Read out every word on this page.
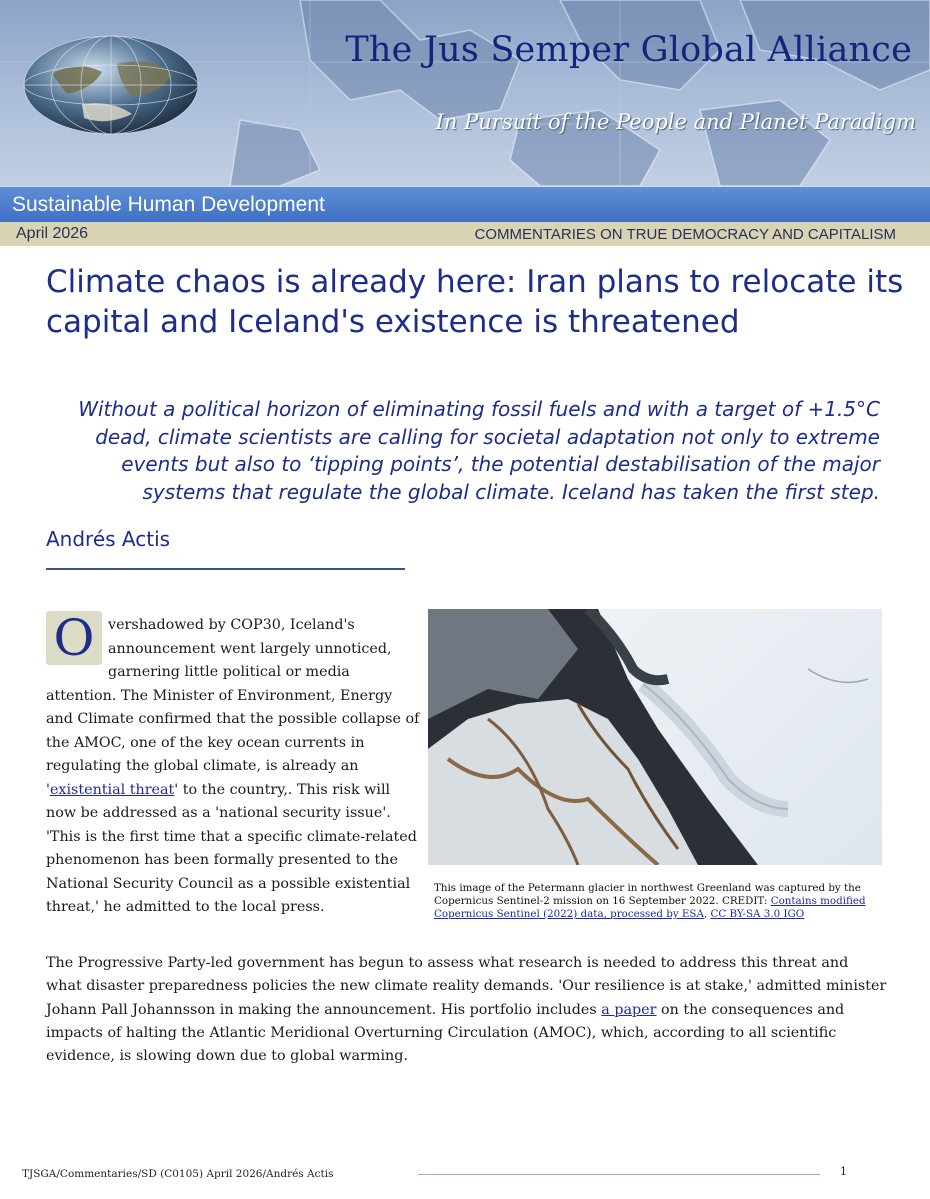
The Jus Semper Global Alliance
In Pursuit of the People and Planet Paradigm
Sustainable Human Development
April 2026	COMMENTARIES ON TRUE DEMOCRACY AND CAPITALISM
Climate chaos is already here: Iran plans to relocate its capital and Iceland's existence is threatened

Without a political horizon of eliminating fossil fuels and with a target of +1.5°C dead, climate scientists are calling for societal adaptation not only to extreme events but also to ‘tipping points’, the potential destabilisation of the major systems that regulate the global climate. Iceland has taken the first step.

Andrés Actis

O vershadowed by COP30, Iceland's announcement went largely unnoticed, garnering little political or media attention. The Minister of Environment, Energy and Climate confirmed that the possible collapse of the AMOC, one of the key ocean currents in regulating the global climate, is already an 'existential threat' to the country,. This risk will now be addressed as a 'national security issue'. 'This is the first time that a specific climate-related phenomenon has been formally presented to the National Security Council as a possible existential threat,' he admitted to the local press.

This image of the Petermann glacier in northwest Greenland was captured by the Copernicus Sentinel-2 mission on 16 September 2022. CREDIT: Contains modified Copernicus Sentinel (2022) data, processed by ESA, CC BY-SA 3.0 IGO

The Progressive Party-led government has begun to assess what research is needed to address this threat and what disaster preparedness policies the new climate reality demands. 'Our resilience is at stake,' admitted minister Johann Pall Johannsson in making the announcement. His portfolio includes a paper on the consequences and impacts of halting the Atlantic Meridional Overturning Circulation (AMOC), which, according to all scientific evidence, is slowing down due to global warming.

TJSGA/Commentaries/SD (C0105) April 2026/Andrés Actis	1
